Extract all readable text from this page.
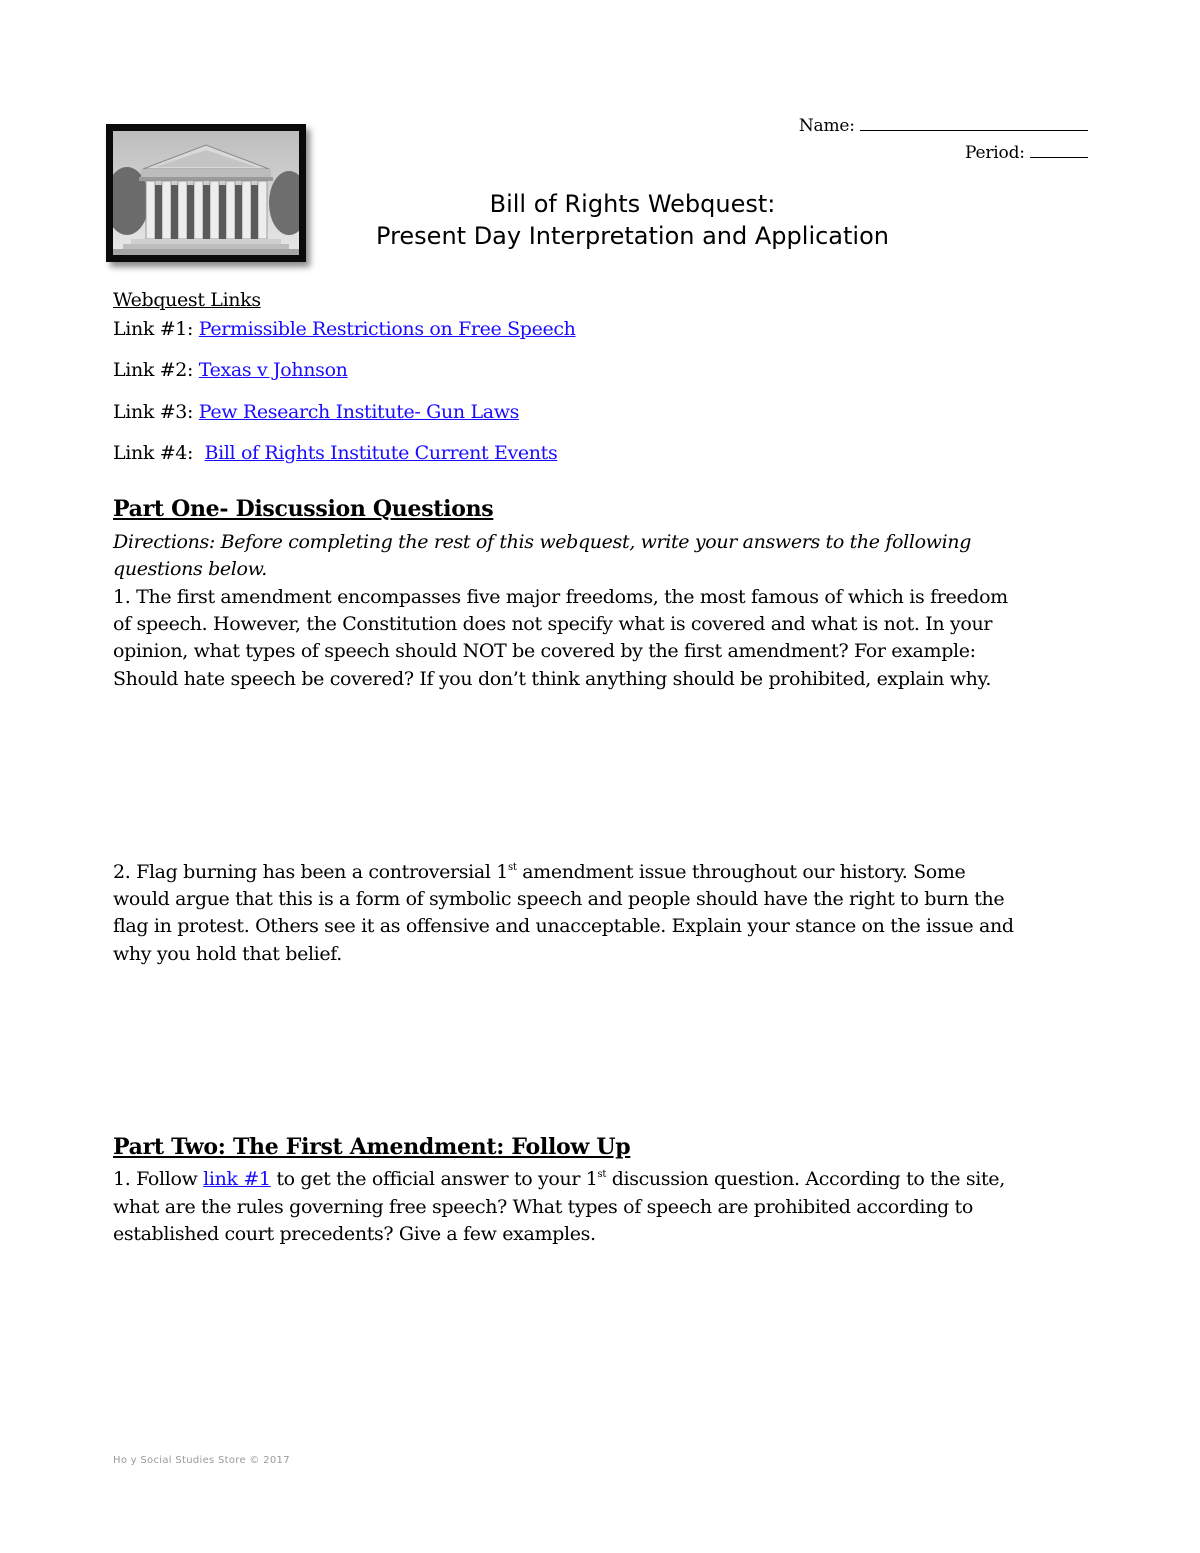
Name:
Period:
Bill of Rights Webquest:
Present Day Interpretation and Application
Webquest Links
Link #1: Permissible Restrictions on Free Speech
Link #2: Texas v Johnson
Link #3: Pew Research Institute- Gun Laws
Link #4:  Bill of Rights Institute Current Events
Part One- Discussion Questions
Directions: Before completing the rest of this webquest, write your answers to the following
questions below.
1. The first amendment encompasses five major freedoms, the most famous of which is freedom
of speech. However, the Constitution does not specify what is covered and what is not. In your
opinion, what types of speech should NOT be covered by the first amendment? For example:
Should hate speech be covered? If you don’t think anything should be prohibited, explain why.
2. Flag burning has been a controversial 1st amendment issue throughout our history. Some
would argue that this is a form of symbolic speech and people should have the right to burn the
flag in protest. Others see it as offensive and unacceptable. Explain your stance on the issue and
why you hold that belief.
Part Two: The First Amendment: Follow Up
1. Follow link #1 to get the official answer to your 1st discussion question. According to the site,
what are the rules governing free speech? What types of speech are prohibited according to
established court precedents? Give a few examples.
Ho y Social Studies Store © 2017
